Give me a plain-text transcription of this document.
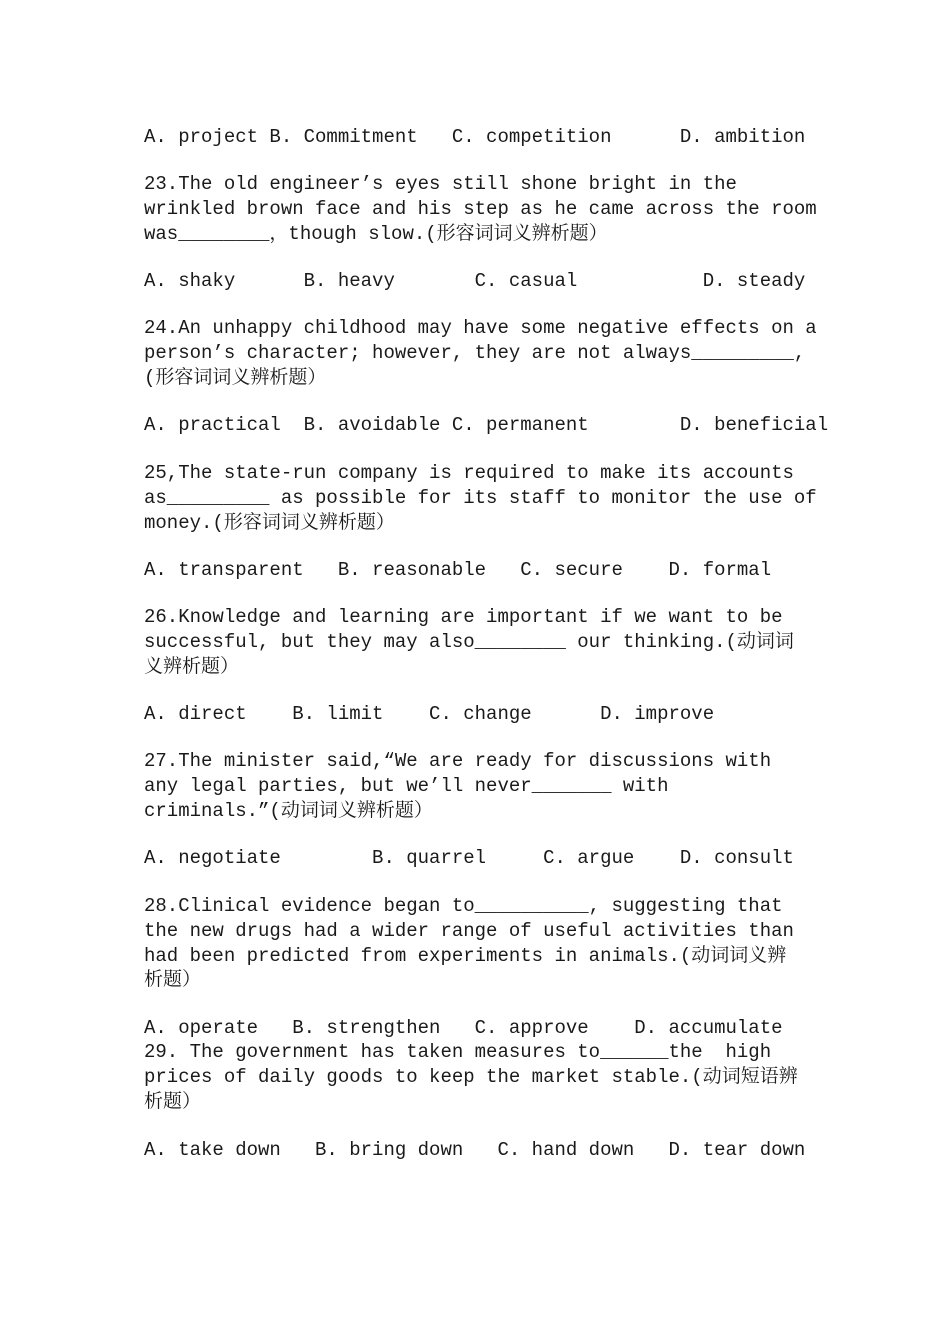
A. project B. Commitment   C. competition      D. ambition
23.The old engineer’s eyes still shone bright in the
wrinkled brown face and his step as he came across the room
was________，though slow.(形容词词义辨析题）
A. shaky      B. heavy       C. casual           D. steady
24.An unhappy childhood may have some negative effects on a
person’s character; however, they are not always_________,
(形容词词义辨析题）
A. practical  B. avoidable C. permanent        D. beneficial
25,The state-run company is required to make its accounts
as_________ as possible for its staff to monitor the use of
money.(形容词词义辨析题）
A. transparent   B. reasonable   C. secure    D. formal
26.Knowledge and learning are important if we want to be
successful, but they may also________ our thinking.(动词词
义辨析题）
A. direct    B. limit    C. change      D. improve
27.The minister said,“We are ready for discussions with
any legal parties, but we’ll never_______ with
criminals.”(动词词义辨析题）
A. negotiate        B. quarrel     C. argue    D. consult
28.Clinical evidence began to__________, suggesting that
the new drugs had a wider range of useful activities than
had been predicted from experiments in animals.(动词词义辨
析题）
A. operate   B. strengthen   C. approve    D. accumulate
29. The government has taken measures to______the  high
prices of daily goods to keep the market stable.(动词短语辨
析题）
A. take down   B. bring down   C. hand down   D. tear down
